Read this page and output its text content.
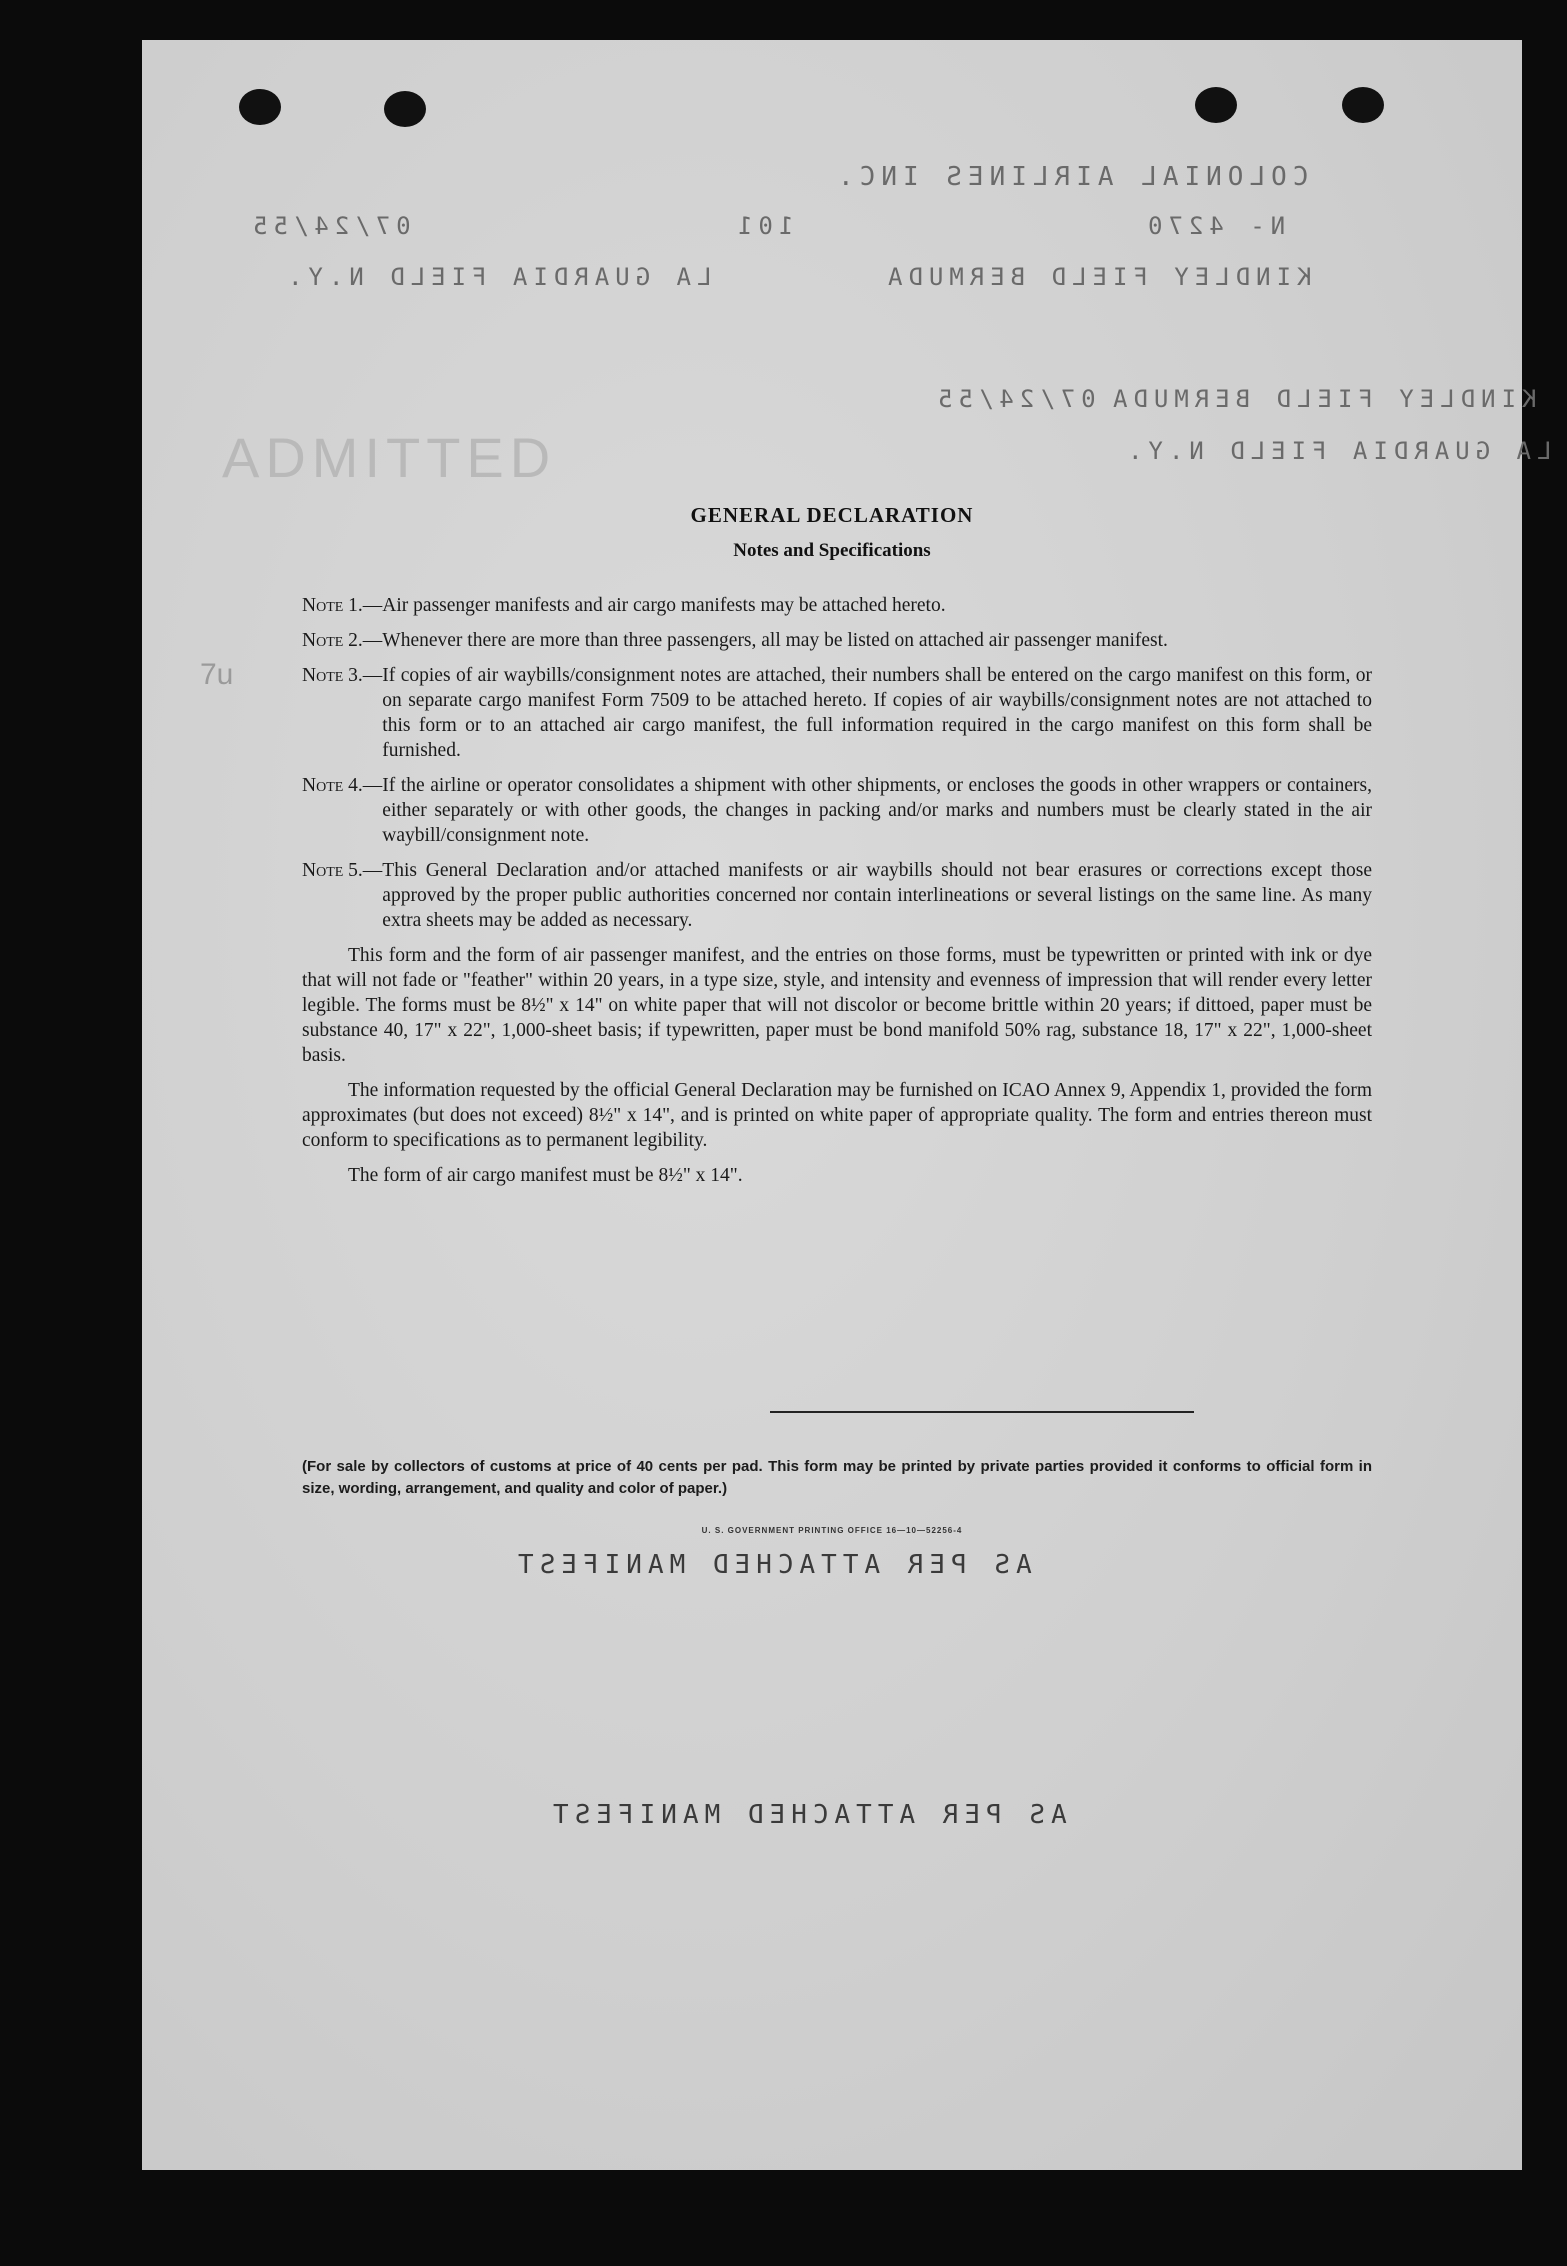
COLONIAL AIRLINES INC.
N- 4270
101
07/24/55
KINDLEY FIELD BERMUDA
LA GUARDIA FIELD N.Y.
KINDLEY FIELD BERMUDA
07/24/55
LA GUARDIA FIELD N.Y.
ADMITTED
7u
GENERAL DECLARATION
Notes and Specifications
Note 1.— Air passenger manifests and air cargo manifests may be attached hereto.
Note 2.— Whenever there are more than three passengers, all may be listed on attached air passenger manifest.
Note 3.— If copies of air waybills/consignment notes are attached, their numbers shall be entered on the cargo manifest on this form, or on separate cargo manifest Form 7509 to be attached hereto. If copies of air waybills/consignment notes are not attached to this form or to an attached air cargo manifest, the full information required in the cargo manifest on this form shall be furnished.
Note 4.— If the airline or operator consolidates a shipment with other shipments, or encloses the goods in other wrappers or containers, either separately or with other goods, the changes in packing and/or marks and numbers must be clearly stated in the air waybill/consignment note.
Note 5.— This General Declaration and/or attached manifests or air waybills should not bear erasures or corrections except those approved by the proper public authorities concerned nor contain interlineations or several listings on the same line. As many extra sheets may be added as necessary.
This form and the form of air passenger manifest, and the entries on those forms, must be typewritten or printed with ink or dye that will not fade or "feather" within 20 years, in a type size, style, and intensity and evenness of impression that will render every letter legible. The forms must be 8½" x 14" on white paper that will not discolor or become brittle within 20 years; if dittoed, paper must be substance 40, 17" x 22", 1,000-sheet basis; if typewritten, paper must be bond manifold 50% rag, substance 18, 17" x 22", 1,000-sheet basis.
The information requested by the official General Declaration may be furnished on ICAO Annex 9, Appendix 1, provided the form approximates (but does not exceed) 8½" x 14", and is printed on white paper of appropriate quality. The form and entries thereon must conform to specifications as to permanent legibility.
The form of air cargo manifest must be 8½" x 14".
(For sale by collectors of customs at price of 40 cents per pad. This form may be printed by private parties provided it conforms to official form in size, wording, arrangement, and quality and color of paper.)
U. S. GOVERNMENT PRINTING OFFICE 16—10—52256-4
AS PER ATTACHED MANIFEST
AS PER ATTACHED MANIFEST
